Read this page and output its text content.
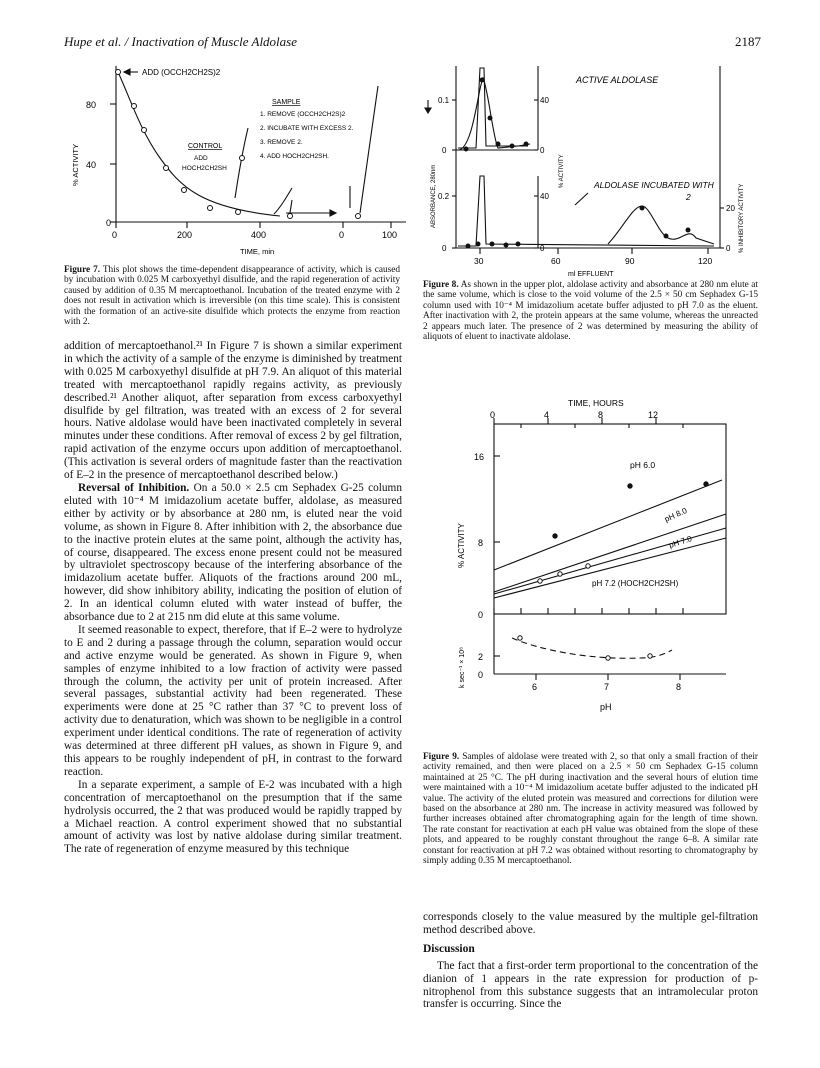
Hupe et al. / Inactivation of Muscle Aldolase	2187
80
40
0
0	200	400	0	100
TIME, min
% ACTIVITY
ADD (OCCH2CH2S)2
SAMPLE
1. REMOVE (OCCH2CH2S)2
2. INCUBATE WITH EXCESS 2.
3. REMOVE 2.
4. ADD HOCH2CH2SH.
CONTROL
ADD
HOCH2CH2SH
Figure 7. This plot shows the time-dependent disappearance of activity, which is caused by incubation with 0.025 M carboxyethyl disulfide, and the rapid regeneration of activity caused by addition of 0.35 M mercaptoethanol. Incubation of the treated enzyme with 2 does not result in activation which is irreversible (on this time scale). This is consistent with the formation of an active-site disulfide which protects the enzyme from reaction with 2.
ACTIVE ALDOLASE
ALDOLASE INCUBATED WITH
2
0.1
0
0.2
0
40
0
40
0
20
0
30	60	90	120
ml EFFLUENT
ABSORBANCE, 280nm	% ACTIVITY
% INHIBITORY ACTIVITY
Figure 8. As shown in the upper plot, aldolase activity and absorbance at 280 nm elute at the same volume, which is close to the void volume of the 2.5 × 50 cm Sephadex G-15 column used with 10⁻⁴ M imidazolium acetate buffer adjusted to pH 7.0 as the eluent. After inactivation with 2, the protein appears at the same volume, whereas the unreacted 2 appears much later. The presence of 2 was determined by measuring the ability of aliquots of eluent to inactivate aldolase.
TIME, HOURS
0	4	8	12
16
8
0
2
0
6	7	8
pH
% ACTIVITY
k sec⁻¹ × 10⁶
pH 6.0
pH 8.0
pH 7.0
pH 7.2 (HOCH2CH2SH)
Figure 9. Samples of aldolase were treated with 2, so that only a small fraction of their activity remained, and then were placed on a 2.5 × 50 cm Sephadex G-15 column maintained at 25 °C. The pH during inactivation and the several hours of elution time were maintained with a 10⁻⁴ M imidazolium acetate buffer adjusted to the indicated pH value. The activity of the eluted protein was measured and corrections for dilution were based on the absorbance at 280 nm. The increase in activity measured was followed by further increases obtained after chromatographing again for the length of time shown. The rate constant for reactivation at each pH value was obtained from the slope of these plots, and appeared to be roughly constant throughout the range 6–8. A similar rate constant for reactivation at pH 7.2 was obtained without resorting to chromatography by simply adding 0.35 M mercaptoethanol.

addition of mercaptoethanol.²¹ In Figure 7 is shown a similar experiment in which the activity of a sample of the enzyme is diminished by treatment with 0.025 M carboxyethyl disulfide at pH 7.9. An aliquot of this material treated with mercaptoethanol rapidly regains activity, as previously described.²¹ Another aliquot, after separation from excess carboxyethyl disulfide by gel filtration, was treated with an excess of 2 for several hours. Native aldolase would have been inactivated completely in several minutes under these conditions. After removal of excess 2 by gel filtration, rapid activation of the enzyme occurs upon addition of mercaptoethanol. (This activation is several orders of magnitude faster than the reactivation of E–2 in the presence of mercaptoethanol described below.)

Reversal of Inhibition. On a 50.0 × 2.5 cm Sephadex G-25 column eluted with 10⁻⁴ M imidazolium acetate buffer, aldolase, as measured either by activity or by absorbance at 280 nm, is eluted near the void volume, as shown in Figure 8. After inhibition with 2, the absorbance due to the inactive protein elutes at the same point, although the activity has, of course, disappeared. The excess enone present could not be measured by ultraviolet spectroscopy because of the interfering absorbance of the imidazolium acetate buffer. Aliquots of the fractions around 200 mL, however, did show inhibitory ability, indicating the position of elution of 2. In an identical column eluted with water instead of buffer, the absorbance due to 2 at 215 nm did elute at this same volume.

It seemed reasonable to expect, therefore, that if E–2 were to hydrolyze to E and 2 during a passage through the column, separation would occur and active enzyme would be generated. As shown in Figure 9, when samples of enzyme inhibited to a low fraction of activity were passed through the column, the activity per unit of protein increased. After several passages, substantial activity had been regenerated. These experiments were done at 25 °C rather than 37 °C to prevent loss of activity due to denaturation, which was shown to be negligible in a control experiment under identical conditions. The rate of regeneration of activity was determined at three different pH values, as shown in Figure 9, and this appears to be roughly independent of pH, in contrast to the forward reaction.

In a separate experiment, a sample of E-2 was incubated with a high concentration of mercaptoethanol on the presumption that if the same hydrolysis occurred, the 2 that was produced would be rapidly trapped by a Michael reaction. A control experiment showed that no substantial amount of activity was lost by native aldolase during similar treatment. The rate of regeneration of enzyme measured by this technique

corresponds closely to the value measured by the multiple gel-filtration method described above.

Discussion

The fact that a first-order term proportional to the concentration of the dianion of 1 appears in the rate expression for production of p-nitrophenol from this substance suggests that an intramolecular proton transfer is occurring. Since the
